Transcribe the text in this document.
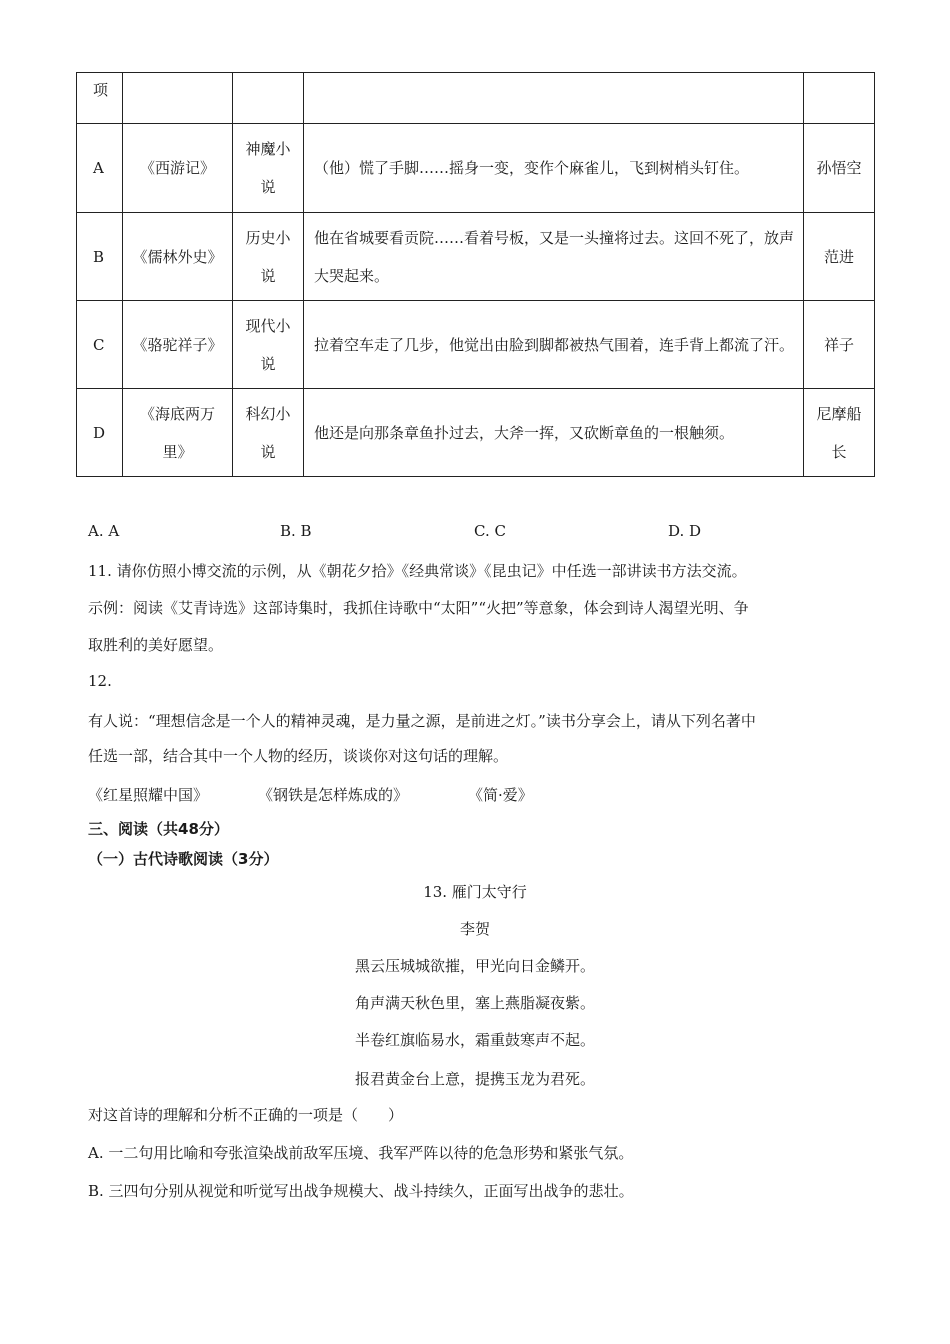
项				

A	《西游记》	神魔小说	（他）慌了手脚……摇身一变，变作个麻雀儿，飞到树梢头钉住。	孙悟空

B	《儒林外史》	历史小说	他在省城要看贡院……看着号板，又是一头撞将过去。这回不死了，放声大哭起来。	范进

C	《骆驼祥子》	现代小说	拉着空车走了几步，他觉出由脸到脚都被热气围着，连手背上都流了汗。	祥子

D	《海底两万里》	科幻小说	他还是向那条章鱼扑过去，大斧一挥，又砍断章鱼的一根触须。	尼摩船长
A. A	B. B	C. C	D. D
11. 请你仿照小博交流的示例，从《朝花夕拾》《经典常谈》《昆虫记》中任选一部讲读书方法交流。
示例：阅读《艾青诗选》这部诗集时，我抓住诗歌中“太阳”“火把”等意象，体会到诗人渴望光明、争
取胜利的美好愿望。
12.
有人说：“理想信念是一个人的精神灵魂，是力量之源，是前进之灯。”读书分享会上，请从下列名著中
任选一部，结合其中一个人物的经历，谈谈你对这句话的理解。
《红星照耀中国》	《钢铁是怎样炼成的》	《简·爱》
三、阅读（共48分）
（一）古代诗歌阅读（3分）
13. 雁门太守行
李贺
黑云压城城欲摧，甲光向日金鳞开。
角声满天秋色里，塞上燕脂凝夜紫。
半卷红旗临易水，霜重鼓寒声不起。
报君黄金台上意，提携玉龙为君死。
对这首诗的理解和分析不正确的一项是（　　）
A. 一二句用比喻和夸张渲染战前敌军压境、我军严阵以待的危急形势和紧张气氛。
B. 三四句分别从视觉和听觉写出战争规模大、战斗持续久，正面写出战争的悲壮。
